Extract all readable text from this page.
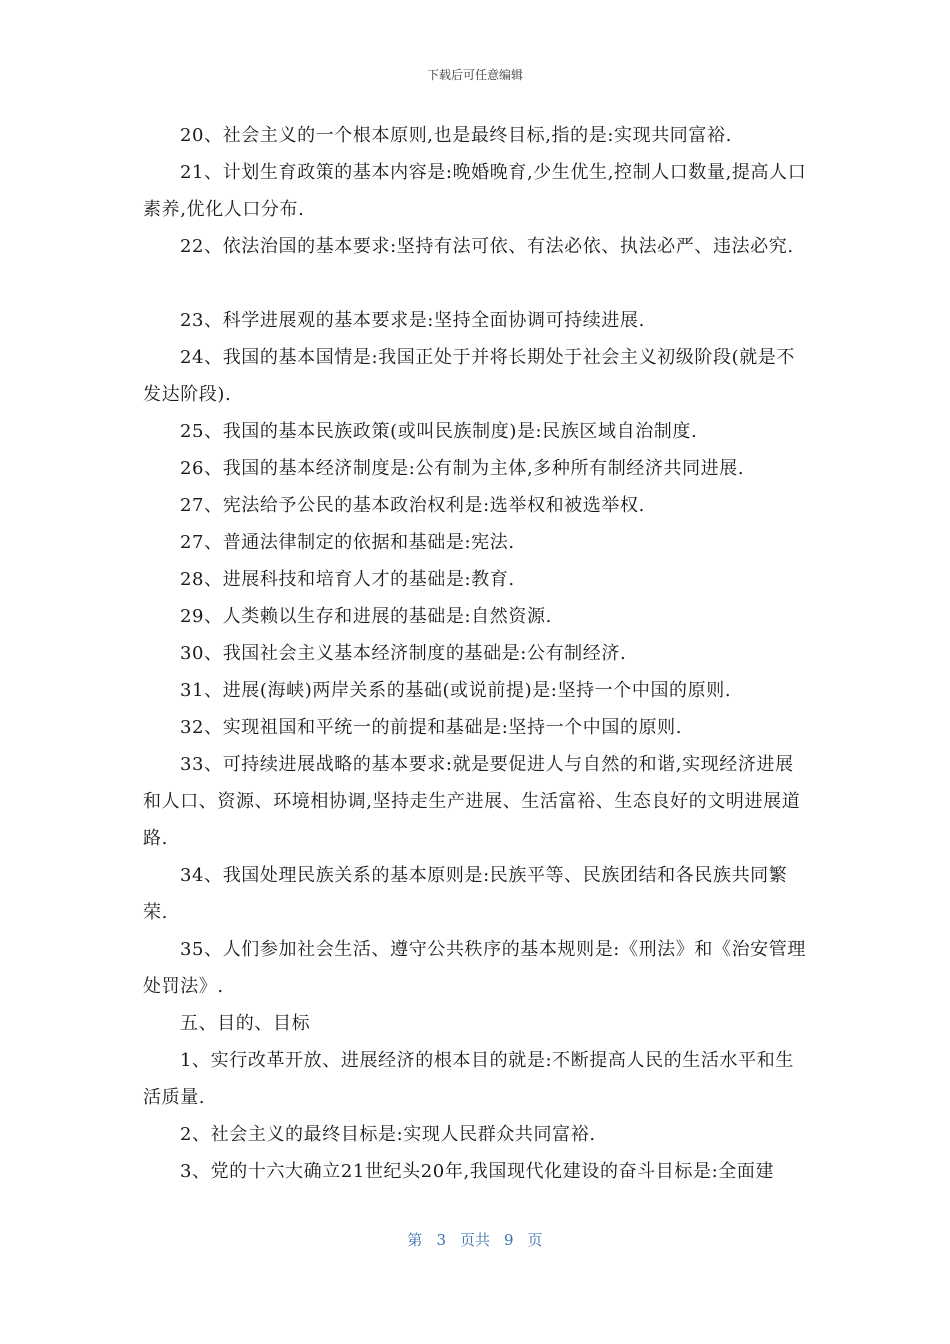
下载后可任意编辑

20、社会主义的一个根本原则,也是最终目标,指的是:实现共同富裕.

21、计划生育政策的基本内容是:晚婚晚育,少生优生,控制人口数量,提高人口素养,优化人口分布.

22、依法治国的基本要求:坚持有法可依、有法必依、执法必严、违法必究.

23、科学进展观的基本要求是:坚持全面协调可持续进展.

24、我国的基本国情是:我国正处于并将长期处于社会主义初级阶段(就是不发达阶段).

25、我国的基本民族政策(或叫民族制度)是:民族区域自治制度.

26、我国的基本经济制度是:公有制为主体,多种所有制经济共同进展.

27、宪法给予公民的基本政治权利是:选举权和被选举权.

27、普通法律制定的依据和基础是:宪法.

28、进展科技和培育人才的基础是:教育.

29、人类赖以生存和进展的基础是:自然资源.

30、我国社会主义基本经济制度的基础是:公有制经济.

31、进展(海峡)两岸关系的基础(或说前提)是:坚持一个中国的原则.

32、实现祖国和平统一的前提和基础是:坚持一个中国的原则.

33、可持续进展战略的基本要求:就是要促进人与自然的和谐,实现经济进展和人口、资源、环境相协调,坚持走生产进展、生活富裕、生态良好的文明进展道路.

34、我国处理民族关系的基本原则是:民族平等、民族团结和各民族共同繁荣.

35、人们参加社会生活、遵守公共秩序的基本规则是:《刑法》和《治安管理处罚法》.

五、目的、目标

1、实行改革开放、进展经济的根本目的就是:不断提高人民的生活水平和生活质量.

2、社会主义的最终目标是:实现人民群众共同富裕.

3、党的十六大确立21世纪头20年,我国现代化建设的奋斗目标是:全面建

第 3 页共 9 页
